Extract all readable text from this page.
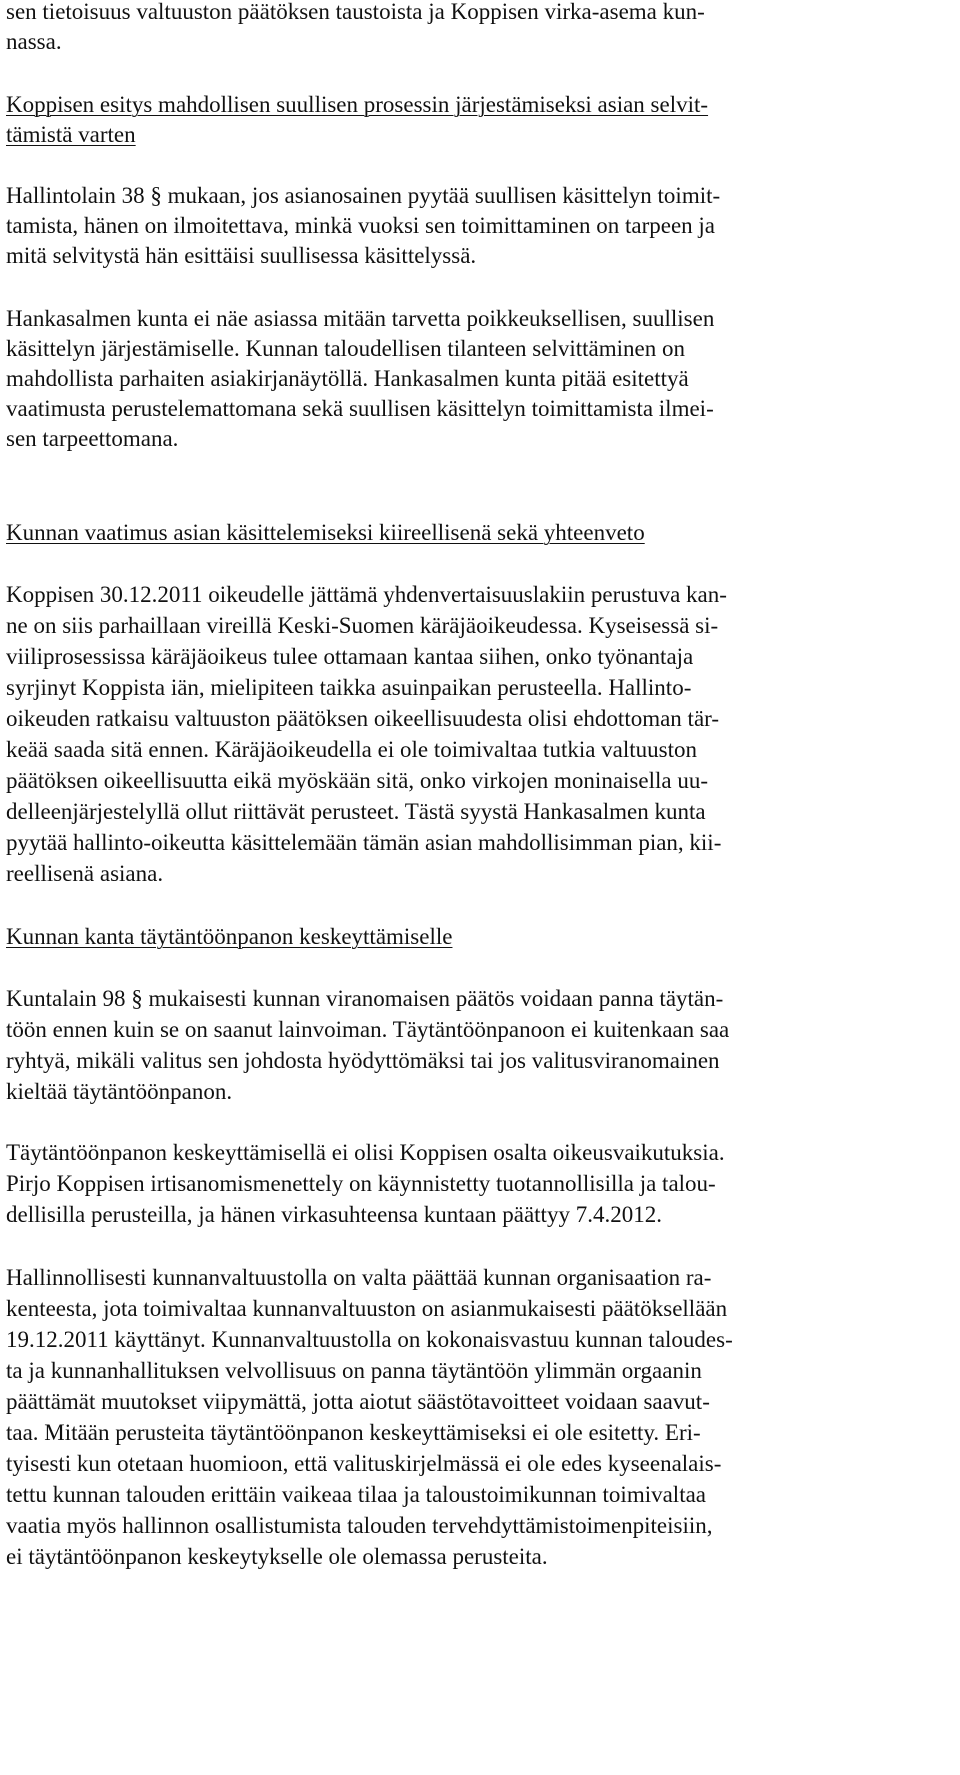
sen tietoisuus valtuuston päätöksen taustoista ja Koppisen virka-asema kun-
nassa.
Koppisen esitys mahdollisen suullisen prosessin järjestämiseksi asian selvit-
tämistä varten
Hallintolain 38 § mukaan, jos asianosainen pyytää suullisen käsittelyn toimit-
tamista, hänen on ilmoitettava, minkä vuoksi sen toimittaminen on tarpeen ja
mitä selvitystä hän esittäisi suullisessa käsittelyssä.
Hankasalmen kunta ei näe asiassa mitään tarvetta poikkeuksellisen, suullisen
käsittelyn järjestämiselle. Kunnan taloudellisen tilanteen selvittäminen on
mahdollista parhaiten asiakirjanäytöllä. Hankasalmen kunta pitää esitettyä
vaatimusta perustelemattomana sekä suullisen käsittelyn toimittamista ilmei-
sen tarpeettomana.
Kunnan vaatimus asian käsittelemiseksi kiireellisenä sekä yhteenveto
Koppisen 30.12.2011 oikeudelle jättämä yhdenvertaisuuslakiin perustuva kan-
ne on siis parhaillaan vireillä Keski-Suomen käräjäoikeudessa. Kyseisessä si-
viiliprosessissa käräjäoikeus tulee ottamaan kantaa siihen, onko työnantaja
syrjinyt Koppista iän, mielipiteen taikka asuinpaikan perusteella. Hallinto-
oikeuden ratkaisu valtuuston päätöksen oikeellisuudesta olisi ehdottoman tär-
keää saada sitä ennen. Käräjäoikeudella ei ole toimivaltaa tutkia valtuuston
päätöksen oikeellisuutta eikä myöskään sitä, onko virkojen moninaisella uu-
delleenjärjestelyllä ollut riittävät perusteet. Tästä syystä Hankasalmen kunta
pyytää hallinto-oikeutta käsittelemään tämän asian mahdollisimman pian, kii-
reellisenä asiana.
Kunnan kanta täytäntöönpanon keskeyttämiselle
Kuntalain 98 § mukaisesti kunnan viranomaisen päätös voidaan panna täytän-
töön ennen kuin se on saanut lainvoiman. Täytäntöönpanoon ei kuitenkaan saa
ryhtyä, mikäli valitus sen johdosta hyödyttömäksi tai jos valitusviranomainen
kieltää täytäntöönpanon.
Täytäntöönpanon keskeyttämisellä ei olisi Koppisen osalta oikeusvaikutuksia.
Pirjo Koppisen irtisanomismenettely on käynnistetty tuotannollisilla ja talou-
dellisilla perusteilla, ja hänen virkasuhteensa kuntaan päättyy 7.4.2012.
Hallinnollisesti kunnanvaltuustolla on valta päättää kunnan organisaation ra-
kenteesta, jota toimivaltaa kunnanvaltuuston on asianmukaisesti päätöksellään
19.12.2011 käyttänyt. Kunnanvaltuustolla on kokonaisvastuu kunnan taloudes-
ta ja kunnanhallituksen velvollisuus on panna täytäntöön ylimmän orgaanin
päättämät muutokset viipymättä, jotta aiotut säästötavoitteet voidaan saavut-
taa. Mitään perusteita täytäntöönpanon keskeyttämiseksi ei ole esitetty. Eri-
tyisesti kun otetaan huomioon, että valituskirjelmässä ei ole edes kyseenalais-
tettu kunnan talouden erittäin vaikeaa tilaa ja taloustoimikunnan toimivaltaa
vaatia myös hallinnon osallistumista talouden tervehdyttämistoimenpiteisiin,
ei täytäntöönpanon keskeytykselle ole olemassa perusteita.
